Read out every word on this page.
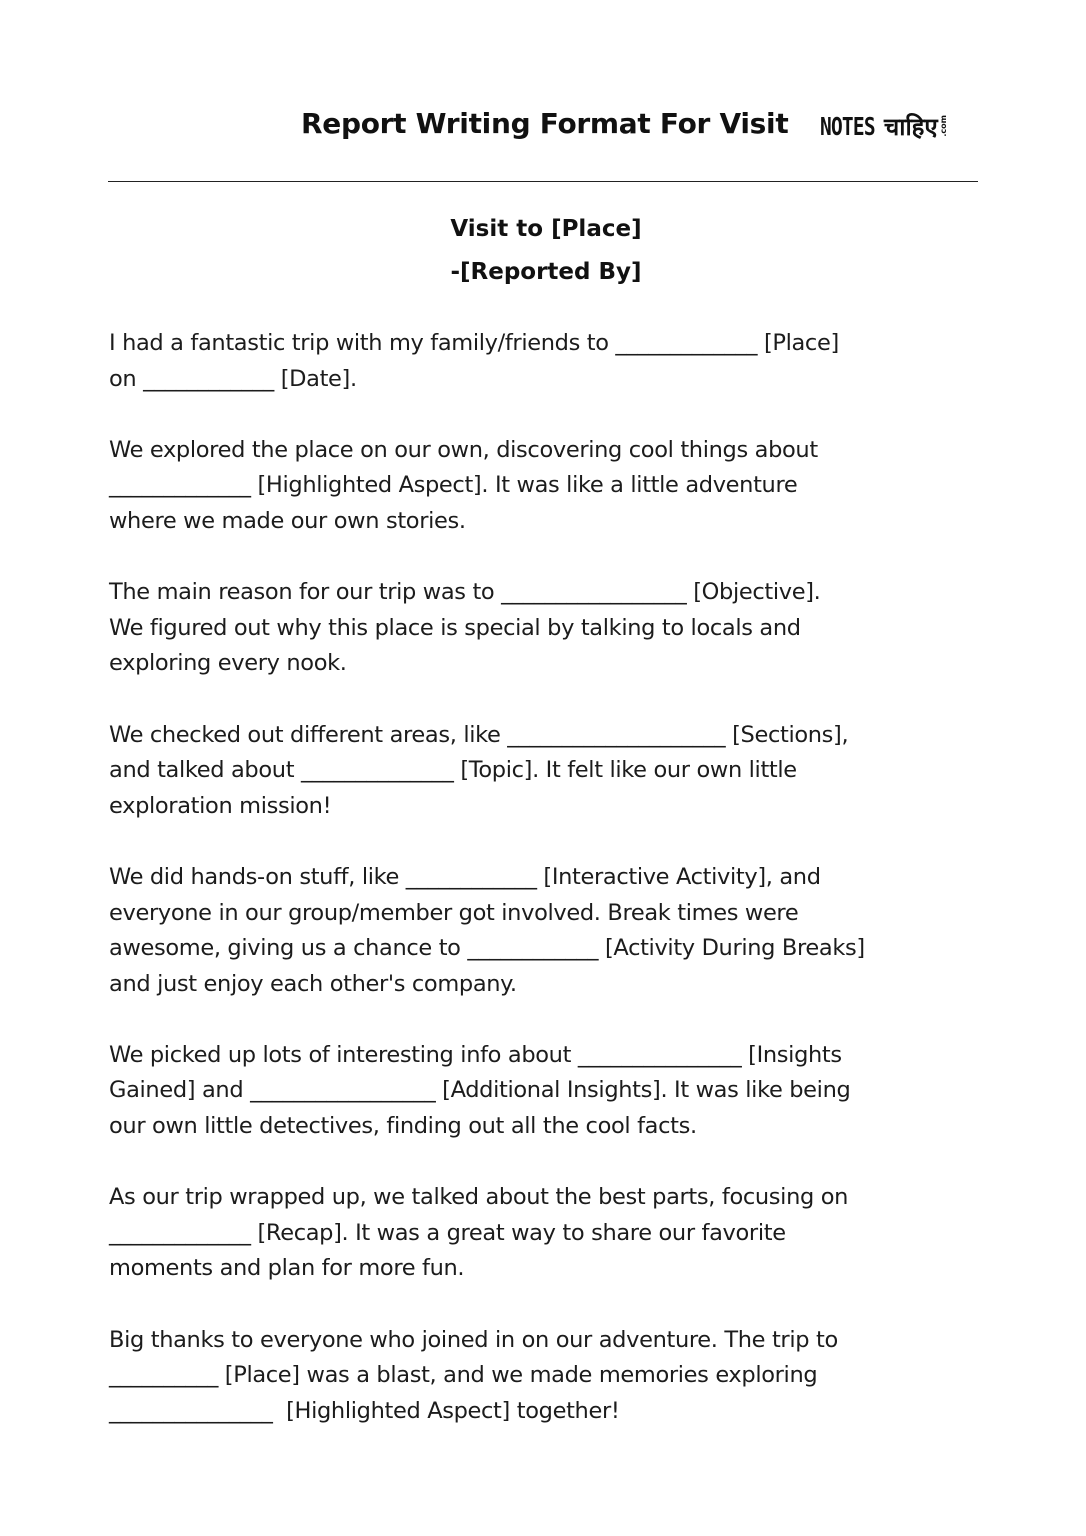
Report Writing Format For Visit NOTES चाहिए .com
Visit to [Place]
-[Reported By]
I had a fantastic trip with my family/friends to _____________ [Place]
on ____________ [Date].
We explored the place on our own, discovering cool things about
_____________ [Highlighted Aspect]. It was like a little adventure
where we made our own stories.
The main reason for our trip was to _________________ [Objective].
We figured out why this place is special by talking to locals and
exploring every nook.
We checked out different areas, like ____________________ [Sections],
and talked about ______________ [Topic]. It felt like our own little
exploration mission!
We did hands-on stuff, like ____________ [Interactive Activity], and
everyone in our group/member got involved. Break times were
awesome, giving us a chance to ____________ [Activity During Breaks]
and just enjoy each other's company.
We picked up lots of interesting info about _______________ [Insights
Gained] and _________________ [Additional Insights]. It was like being
our own little detectives, finding out all the cool facts.
As our trip wrapped up, we talked about the best parts, focusing on
_____________ [Recap]. It was a great way to share our favorite
moments and plan for more fun.
Big thanks to everyone who joined in on our adventure. The trip to
__________ [Place] was a blast, and we made memories exploring
_______________  [Highlighted Aspect] together!
